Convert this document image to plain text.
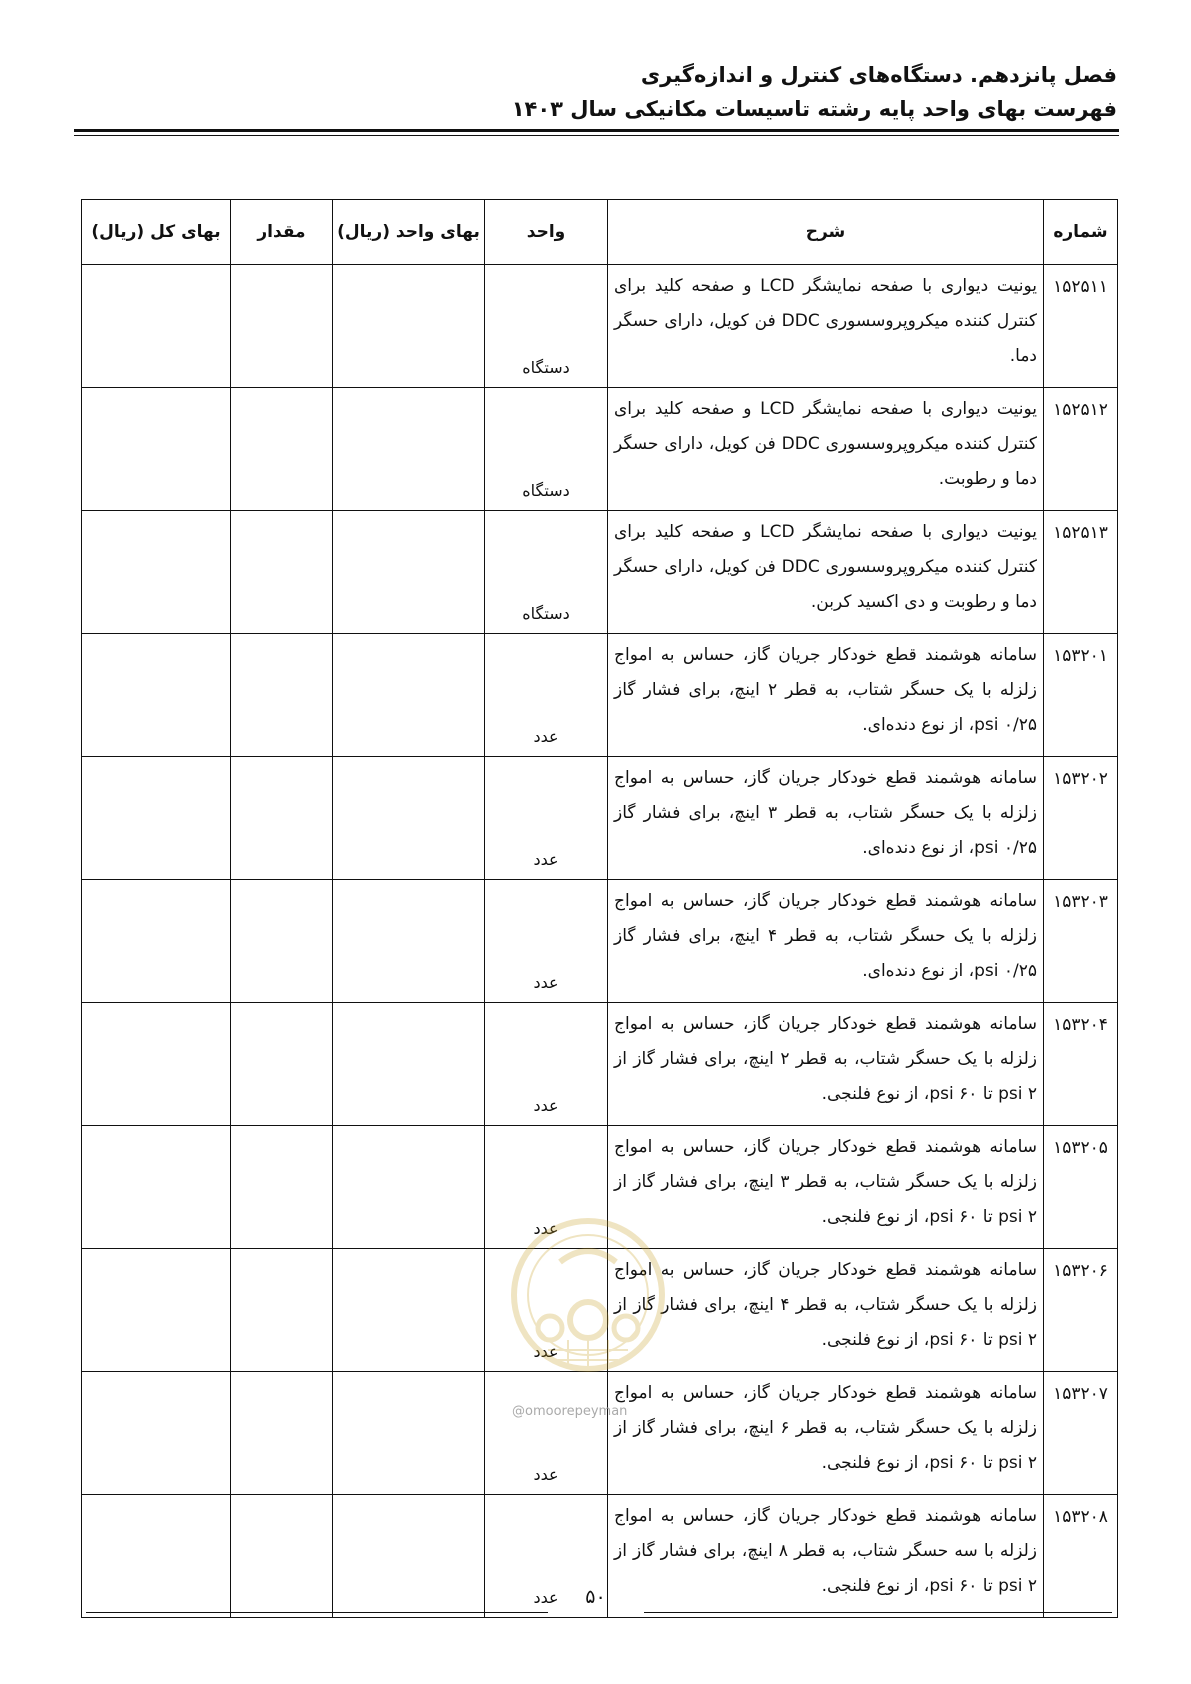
فصل پانزدهم. دستگاه‌های کنترل و اندازه‌گیری
فهرست بهای واحد پایه رشته تاسیسات مکانیکی سال ۱۴۰۳
شماره	شرح	واحد	بهای واحد (ریال)	مقدار	بهای کل (ریال)
۱۵۲۵۱۱	یونیت دیواری با صفحه نمایشگر LCD و صفحه کلید برای کنترل کننده میکروپروسسوری DDC فن کویل، دارای حسگر دما.	دستگاه			
۱۵۲۵۱۲	یونیت دیواری با صفحه نمایشگر LCD و صفحه کلید برای کنترل کننده میکروپروسسوری DDC فن کویل، دارای حسگر دما و رطوبت.	دستگاه			
۱۵۲۵۱۳	یونیت دیواری با صفحه نمایشگر LCD و صفحه کلید برای کنترل کننده میکروپروسسوری DDC فن کویل، دارای حسگر دما و رطوبت و دی اکسید کربن.	دستگاه			
۱۵۳۲۰۱	سامانه هوشمند قطع خودکار جریان گاز، حساس به امواج زلزله با یک حسگر شتاب، به قطر ۲ اینچ، برای فشار گاز ۰/۲۵ psi، از نوع دنده‌ای.	عدد			
۱۵۳۲۰۲	سامانه هوشمند قطع خودکار جریان گاز، حساس به امواج زلزله با یک حسگر شتاب، به قطر ۳ اینچ، برای فشار گاز ۰/۲۵ psi، از نوع دنده‌ای.	عدد			
۱۵۳۲۰۳	سامانه هوشمند قطع خودکار جریان گاز، حساس به امواج زلزله با یک حسگر شتاب، به قطر ۴ اینچ، برای فشار گاز ۰/۲۵ psi، از نوع دنده‌ای.	عدد			
۱۵۳۲۰۴	سامانه هوشمند قطع خودکار جریان گاز، حساس به امواج زلزله با یک حسگر شتاب، به قطر ۲ اینچ، برای فشار گاز از ۲ psi تا ۶۰ psi، از نوع فلنجی.	عدد			
۱۵۳۲۰۵	سامانه هوشمند قطع خودکار جریان گاز، حساس به امواج زلزله با یک حسگر شتاب، به قطر ۳ اینچ، برای فشار گاز از ۲ psi تا ۶۰ psi، از نوع فلنجی.	عدد			
۱۵۳۲۰۶	سامانه هوشمند قطع خودکار جریان گاز، حساس به امواج زلزله با یک حسگر شتاب، به قطر ۴ اینچ، برای فشار گاز از ۲ psi تا ۶۰ psi، از نوع فلنجی.	عدد			
۱۵۳۲۰۷	سامانه هوشمند قطع خودکار جریان گاز، حساس به امواج زلزله با یک حسگر شتاب، به قطر ۶ اینچ، برای فشار گاز از ۲ psi تا ۶۰ psi، از نوع فلنجی.	عدد			
۱۵۳۲۰۸	سامانه هوشمند قطع خودکار جریان گاز، حساس به امواج زلزله با سه حسگر شتاب، به قطر ۸ اینچ، برای فشار گاز از ۲ psi تا ۶۰ psi، از نوع فلنجی.	عدد			
@omoorepeyman
۵۰
